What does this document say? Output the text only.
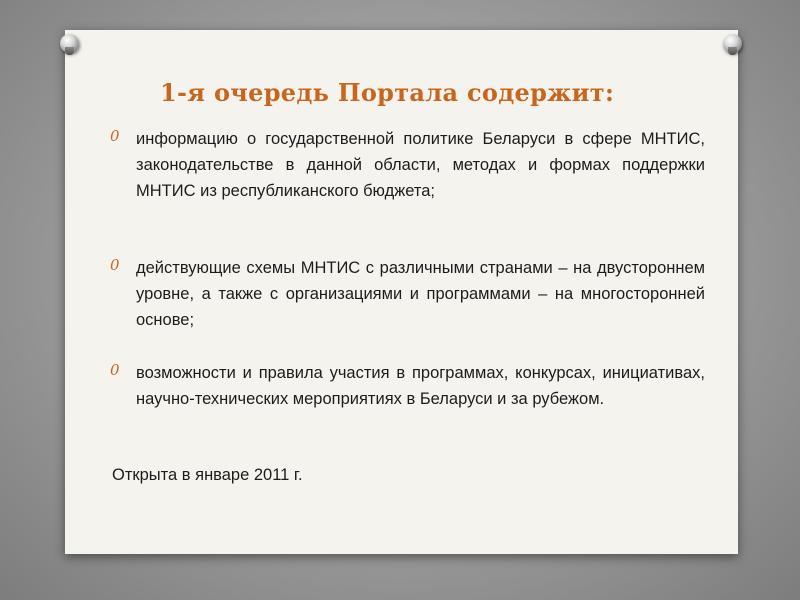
1-я очередь Портала содержит:
0 информацию о государственной политике Беларуси в сфере МНТИС, законодательстве в данной области, методах и формах поддержки МНТИС из республиканского бюджета;
0 действующие схемы МНТИС с различными странами – на двустороннем уровне, а также с организациями и программами – на многосторонней основе;
0 возможности и правила участия в программах, конкурсах, инициативах, научно-технических мероприятиях в Беларуси и за рубежом.
Открыта в январе 2011 г.
